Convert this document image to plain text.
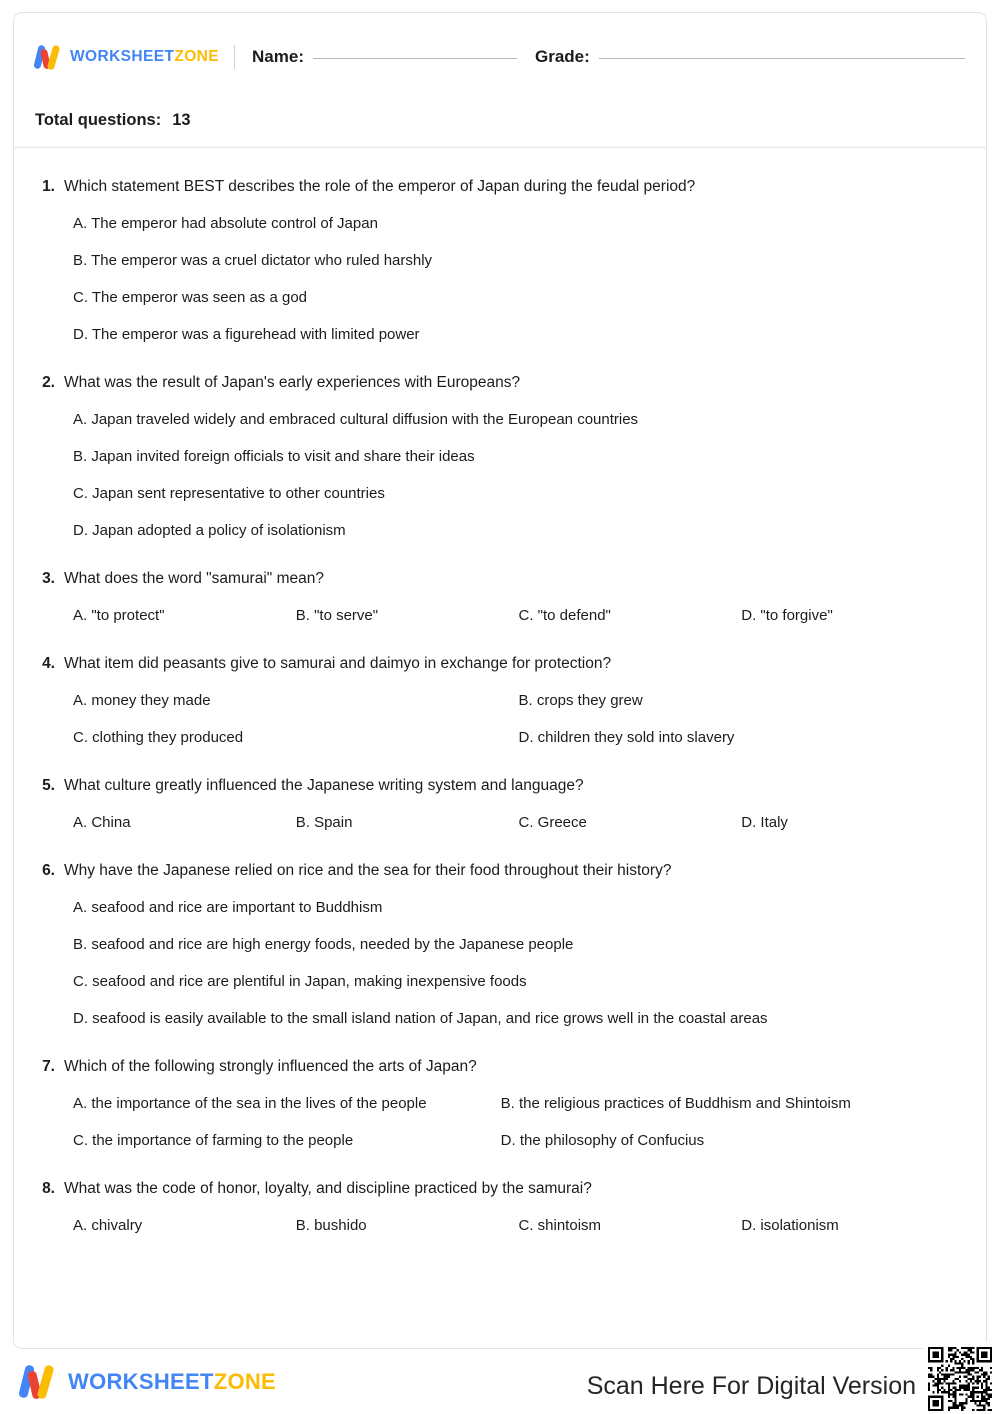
WORKSHEETZONE Name:	Grade:
Total questions: 13
1. Which statement BEST describes the role of the emperor of Japan during the feudal period?
A. The emperor had absolute control of Japan
B. The emperor was a cruel dictator who ruled harshly
C. The emperor was seen as a god
D. The emperor was a figurehead with limited power
2. What was the result of Japan's early experiences with Europeans?
A. Japan traveled widely and embraced cultural diffusion with the European countries
B. Japan invited foreign officials to visit and share their ideas
C. Japan sent representative to other countries
D. Japan adopted a policy of isolationism
3. What does the word "samurai" mean?
A. "to protect"	B. "to serve"	C. "to defend"	D. "to forgive"
4. What item did peasants give to samurai and daimyo in exchange for protection?
A. money they made	B. crops they grew
C. clothing they produced	D. children they sold into slavery
5. What culture greatly influenced the Japanese writing system and language?
A. China	B. Spain	C. Greece	D. Italy
6. Why have the Japanese relied on rice and the sea for their food throughout their history?
A. seafood and rice are important to Buddhism
B. seafood and rice are high energy foods, needed by the Japanese people
C. seafood and rice are plentiful in Japan, making inexpensive foods
D. seafood is easily available to the small island nation of Japan, and rice grows well in the coastal areas
7. Which of the following strongly influenced the arts of Japan?
A. the importance of the sea in the lives of the people	B. the religious practices of Buddhism and Shintoism
C. the importance of farming to the people	D. the philosophy of Confucius
8. What was the code of honor, loyalty, and discipline practiced by the samurai?
A. chivalry	B. bushido	C. shintoism	D. isolationism
WORKSHEETZONE	Scan Here For Digital Version
